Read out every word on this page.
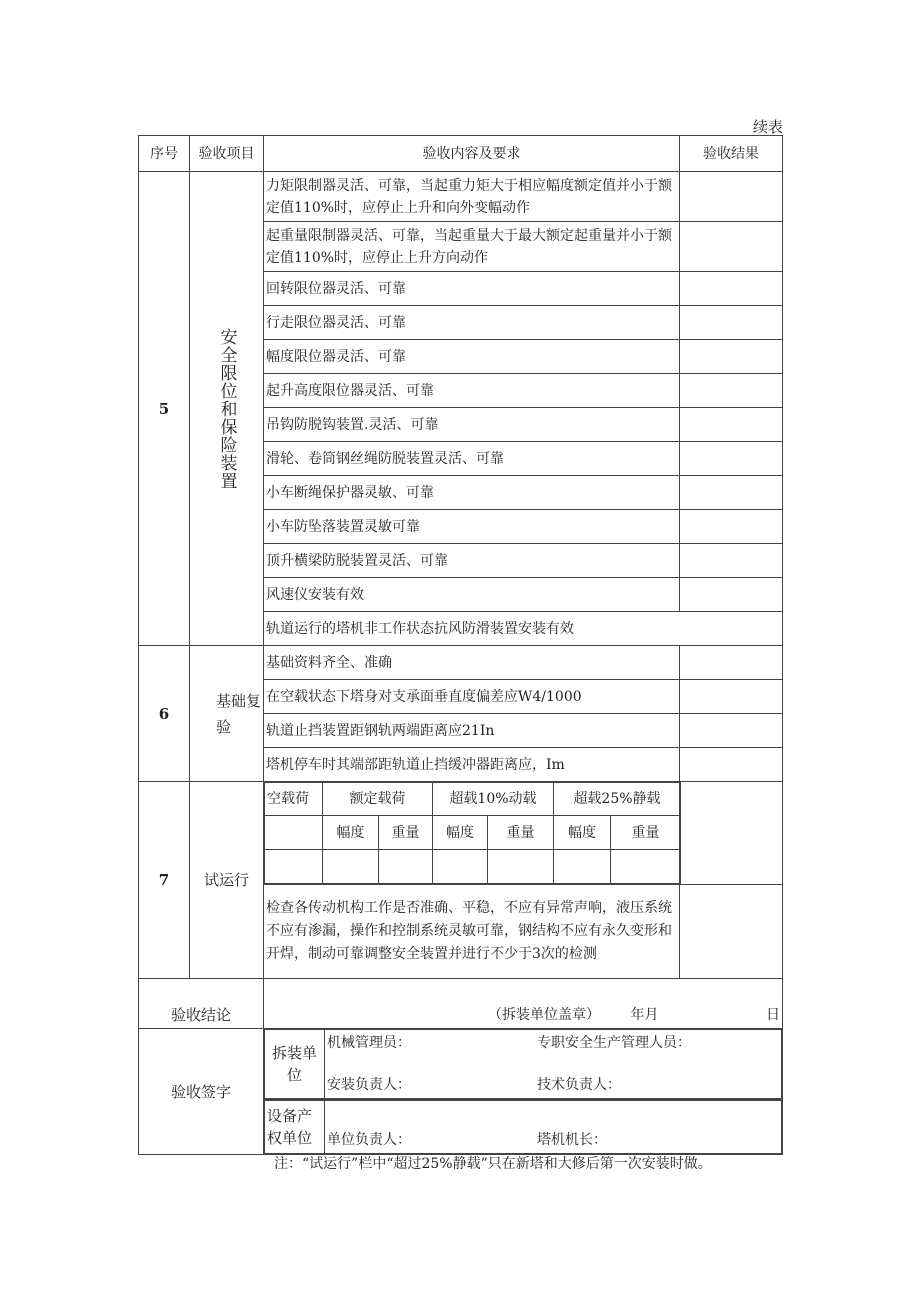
续表
序号	验收项目	验收内容及要求	验收结果
5	安全限位和保险装置
	力矩限制器灵活、可靠，当起重力矩大于相应幅度额定值并小于额定值110%时，应停止上升和向外变幅动作	
起重量限制器灵活、可靠，当起重量大于最大额定起重量并小于额定值110%时，应停止上升方向动作	
回转限位器灵活、可靠	
行走限位器灵活、可靠	
幅度限位器灵活、可靠	
起升高度限位器灵活、可靠	
吊钩防脱钩装置.灵活、可靠	
滑轮、卷筒钢丝绳防脱装置灵活、可靠	
小车断绳保护器灵敏、可靠	
小车防坠落装置灵敏可靠	
顶升横梁防脱装置灵活、可靠	
风速仪安装有效	
轨道运行的塔机非工作状态抗风防滑装置安装有效
6	基础复验	基础资料齐全、准确	
在空载状态下塔身对支承面垂直度偏差应W4/1000	
轨道止挡装置距钢轨两端距离应21In	
塔机停车时其端部距轨道止挡缓冲器距离应，Im	
7	试运行	
空载荷	额定载荷	超载10%动载	超载25%静载
	幅度	重量	幅度	重量	幅度	重量

检查各传动机构工作是否准确、平稳，不应有异常声响，液压系统不应有渗漏，操作和控制系统灵敏可靠，钢结构不应有永久变形和开焊，制动可靠调整安全装置并进行不少于3次的检测	
验收结论	（拆装单位盖章） 年月	日

验收签字	
拆装单位	
机械管理员：	专职安全生产管理人员：
安装负责人：	技术负责人：

设备产权单位	单位负责人：	塔机机长：
注：“试运行”栏中“超过25%静载”只在新塔和大修后第一次安装时做。
